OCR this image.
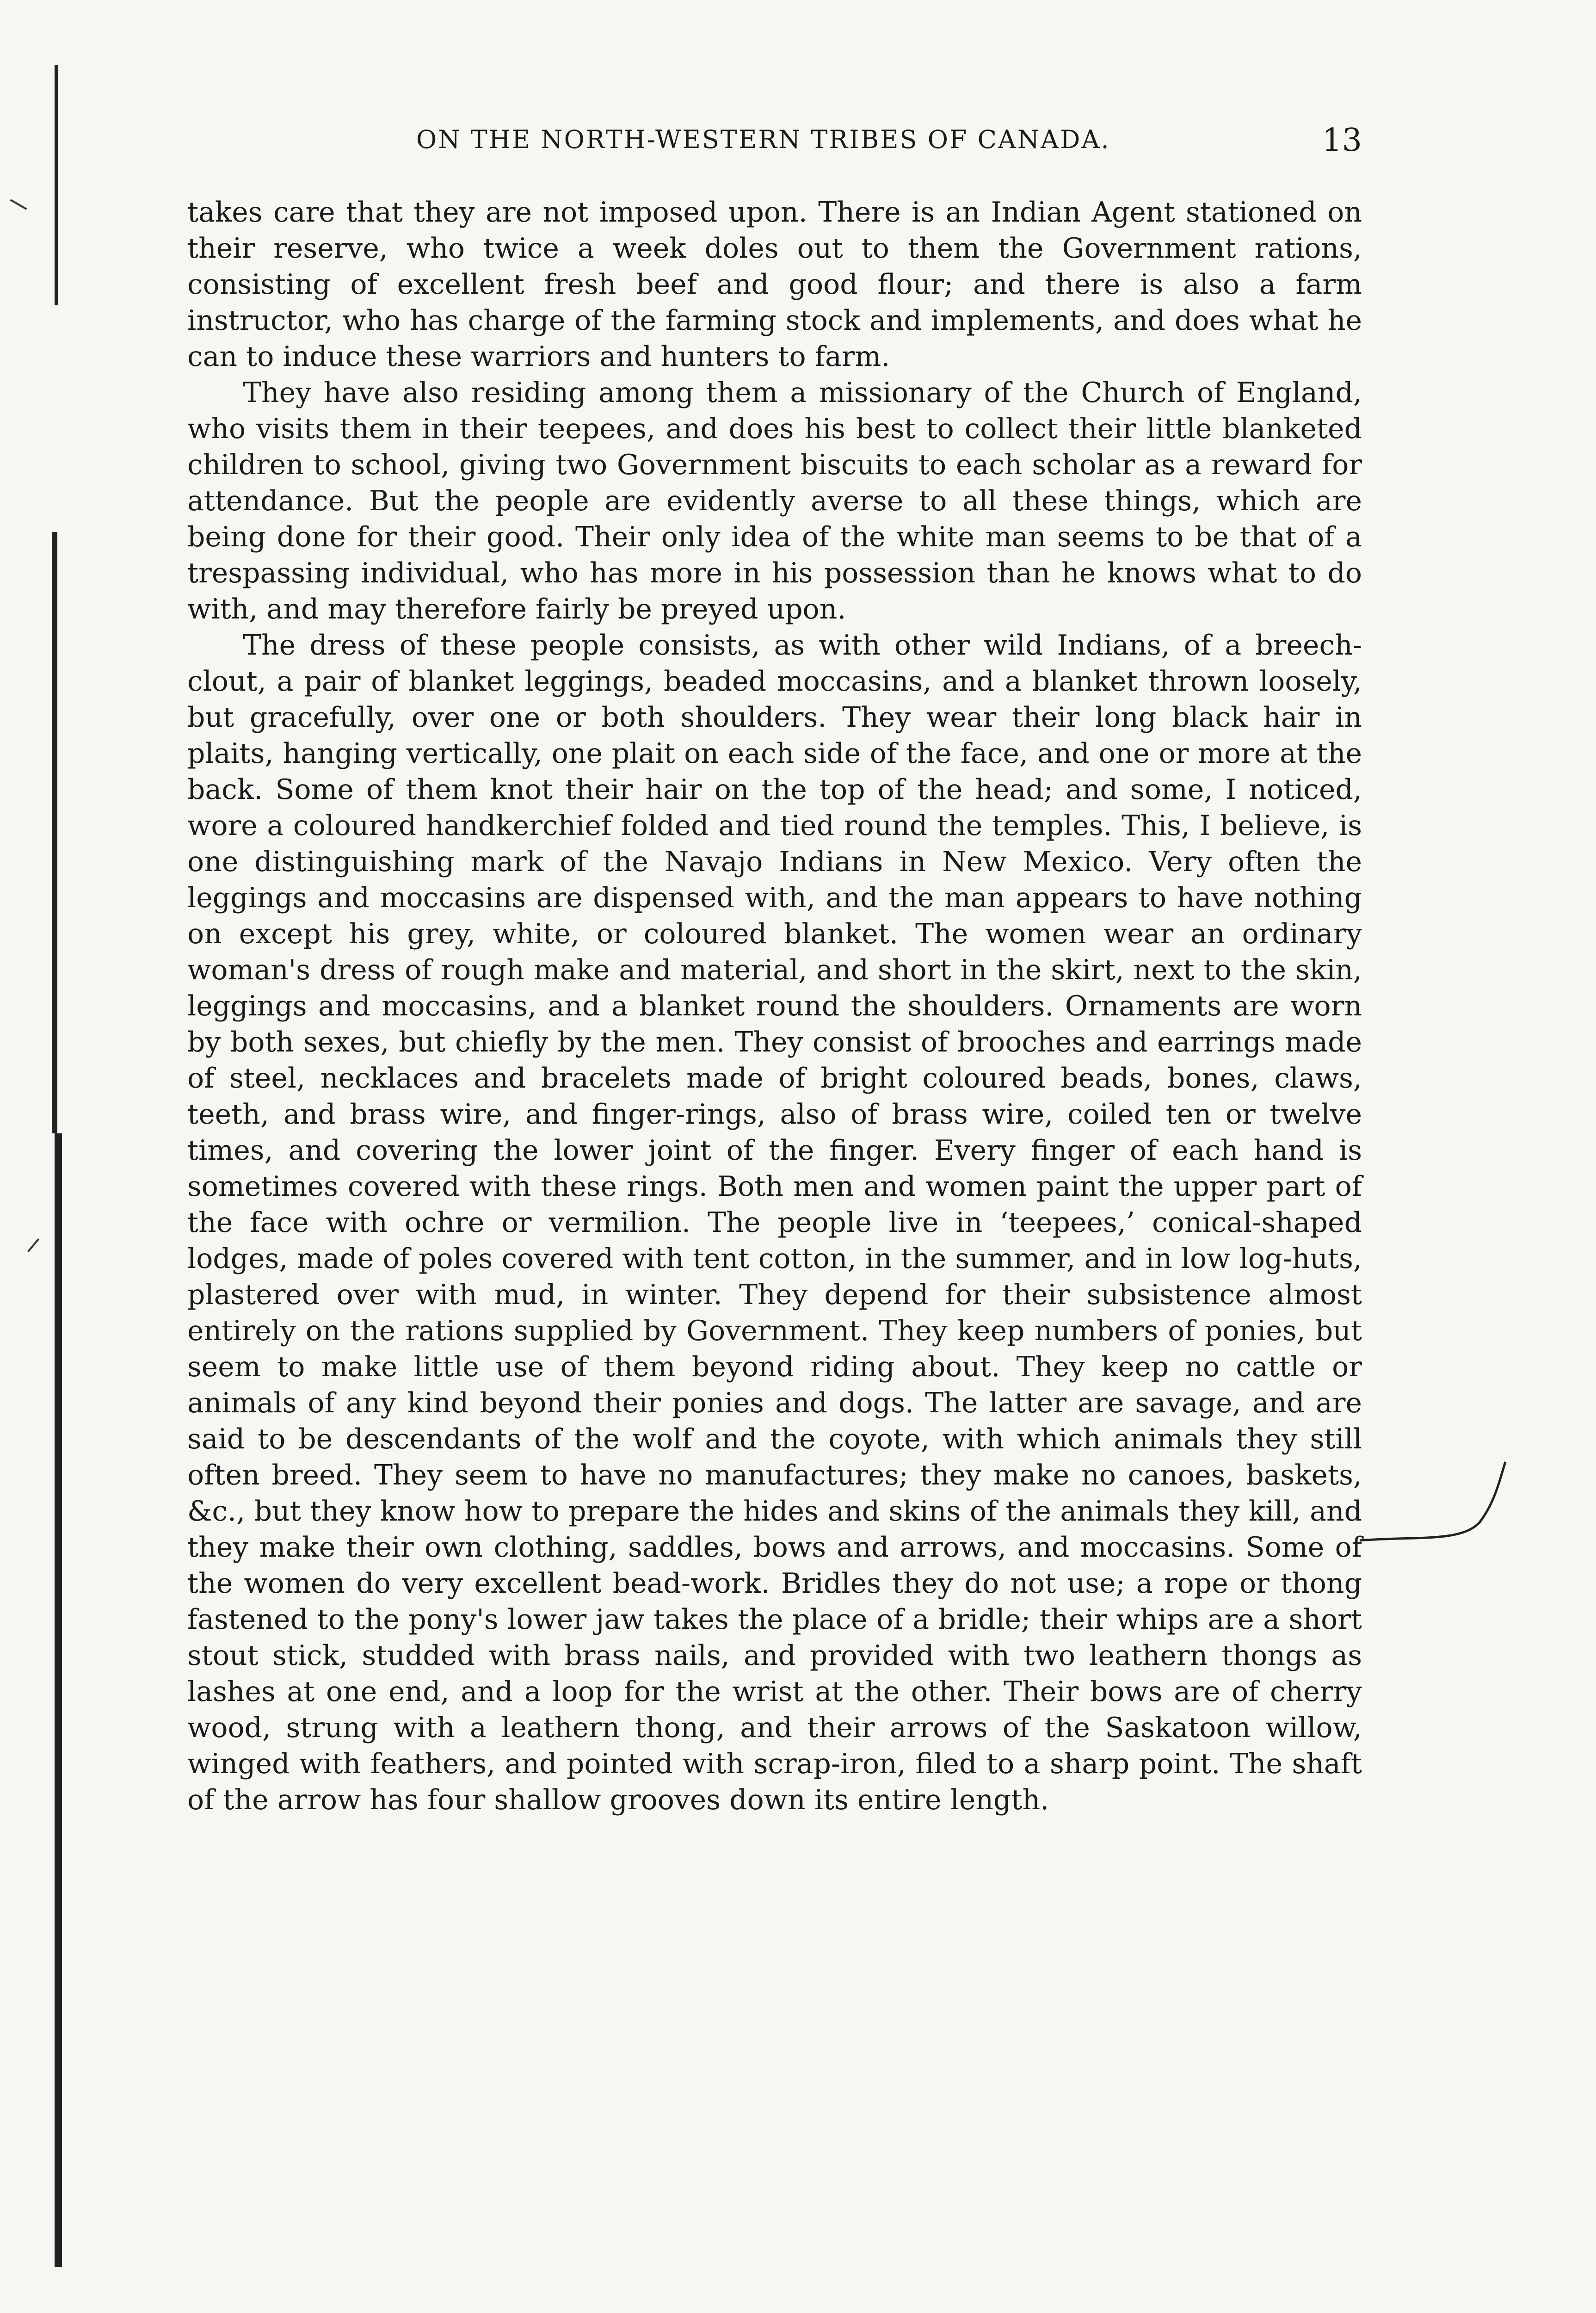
ON THE NORTH-WESTERN TRIBES OF CANADA.	13

takes care that they are not imposed upon. There is an Indian Agent stationed on their reserve, who twice a week doles out to them the Government rations, consisting of excellent fresh beef and good flour; and there is also a farm instructor, who has charge of the farming stock and implements, and does what he can to induce these warriors and hunters to farm.

They have also residing among them a missionary of the Church of England, who visits them in their teepees, and does his best to collect their little blanketed children to school, giving two Government biscuits to each scholar as a reward for attendance. But the people are evidently averse to all these things, which are being done for their good. Their only idea of the white man seems to be that of a trespassing individual, who has more in his possession than he knows what to do with, and may therefore fairly be preyed upon.

The dress of these people consists, as with other wild Indians, of a breech-clout, a pair of blanket leggings, beaded moccasins, and a blanket thrown loosely, but gracefully, over one or both shoulders. They wear their long black hair in plaits, hanging vertically, one plait on each side of the face, and one or more at the back. Some of them knot their hair on the top of the head; and some, I noticed, wore a coloured handkerchief folded and tied round the temples. This, I believe, is one distinguishing mark of the Navajo Indians in New Mexico. Very often the leggings and moccasins are dispensed with, and the man appears to have nothing on except his grey, white, or coloured blanket. The women wear an ordinary woman's dress of rough make and material, and short in the skirt, next to the skin, leggings and moccasins, and a blanket round the shoulders. Ornaments are worn by both sexes, but chiefly by the men. They consist of brooches and earrings made of steel, necklaces and bracelets made of bright coloured beads, bones, claws, teeth, and brass wire, and finger-rings, also of brass wire, coiled ten or twelve times, and covering the lower joint of the finger. Every finger of each hand is sometimes covered with these rings. Both men and women paint the upper part of the face with ochre or vermilion. The people live in ‘teepees,’ conical-shaped lodges, made of poles covered with tent cotton, in the summer, and in low log-huts, plastered over with mud, in winter. They depend for their subsistence almost entirely on the rations supplied by Government. They keep numbers of ponies, but seem to make little use of them beyond riding about. They keep no cattle or animals of any kind beyond their ponies and dogs. The latter are savage, and are said to be descendants of the wolf and the coyote, with which animals they still often breed. They seem to have no manufactures; they make no canoes, baskets, &c., but they know how to prepare the hides and skins of the animals they kill, and they make their own clothing, saddles, bows and arrows, and moccasins. Some of the women do very excellent bead-work. Bridles they do not use; a rope or thong fastened to the pony's lower jaw takes the place of a bridle; their whips are a short stout stick, studded with brass nails, and provided with two leathern thongs as lashes at one end, and a loop for the wrist at the other. Their bows are of cherry wood, strung with a leathern thong, and their arrows of the Saskatoon willow, winged with feathers, and pointed with scrap-iron, filed to a sharp point. The shaft of the arrow has four shallow grooves down its entire length.
